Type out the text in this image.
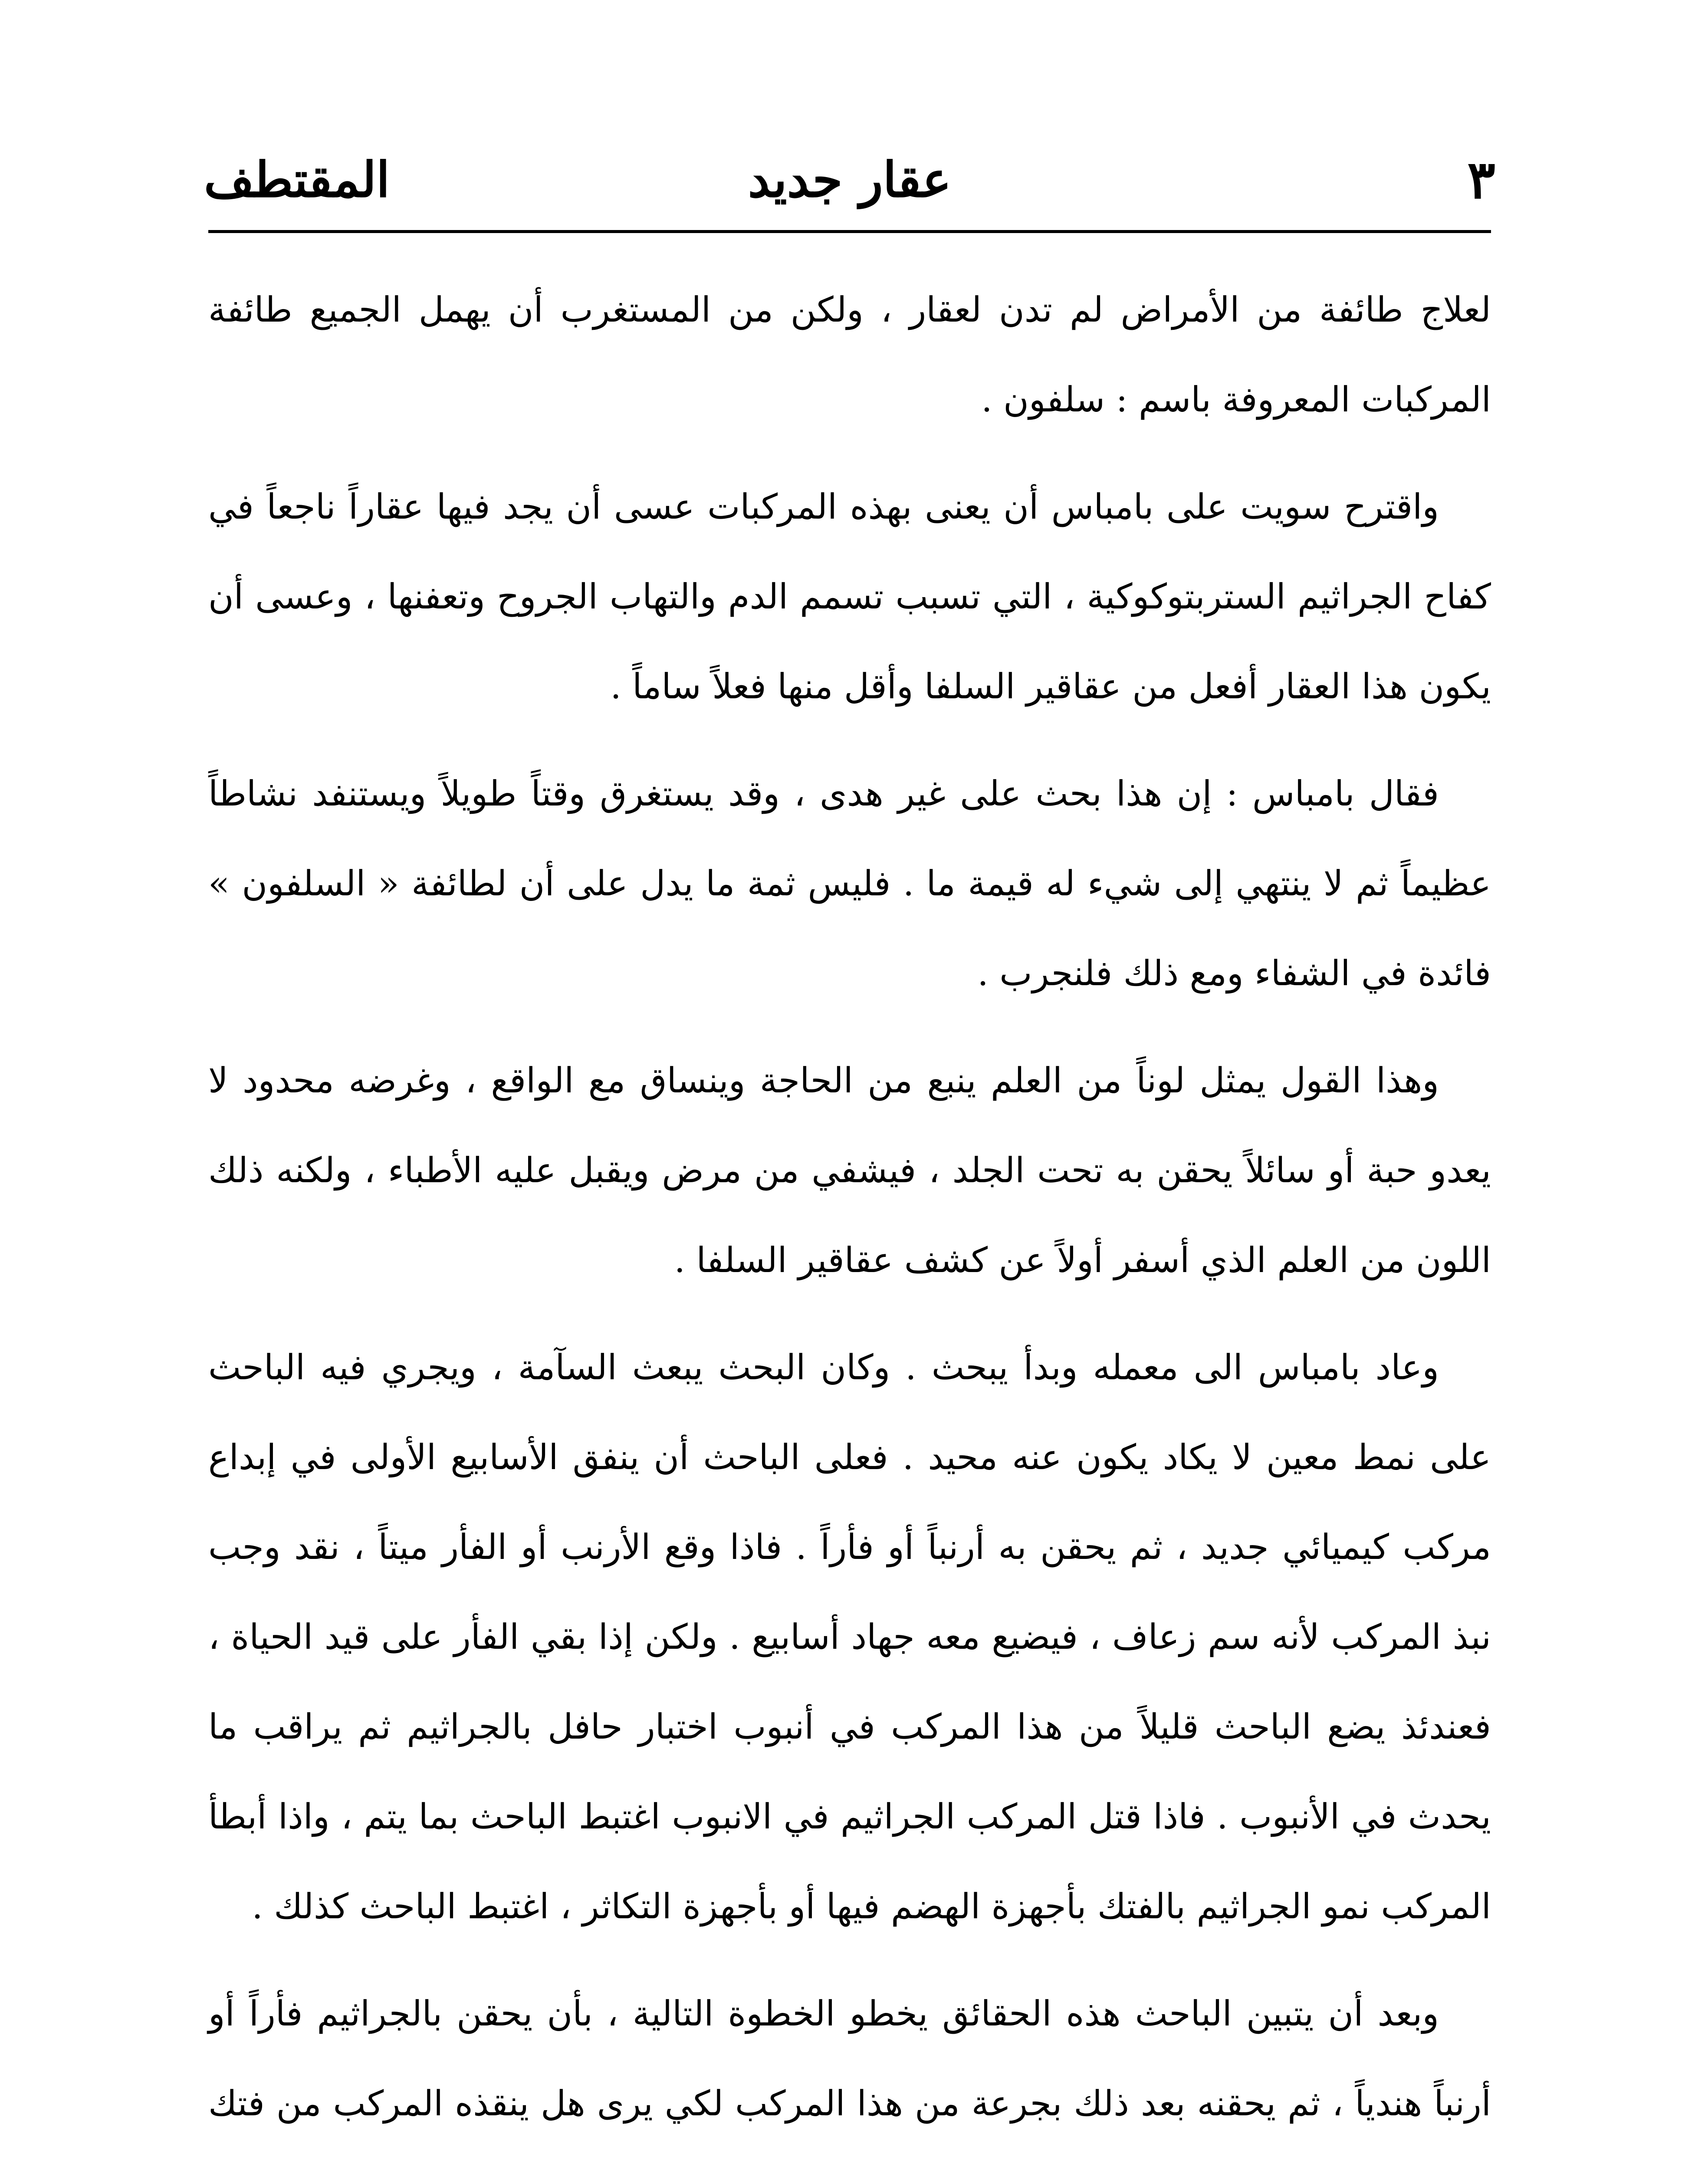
٣
عقار جديد
المقتطف

لعلاج طائفة من الأمراض لم تدن لعقار ، ولكن من المستغرب أن يهمل الجميع طائفة المركبات المعروفة باسم : سلفون .

واقترح سويت على بامباس أن يعنى بهذه المركبات عسى أن يجد فيها عقاراً ناجعاً في كفاح الجراثيم الستربتوكوكية ، التي تسبب تسمم الدم والتهاب الجروح وتعفنها ، وعسى أن يكون هذا العقار أفعل من عقاقير السلفا وأقل منها فعلاً ساماً .

فقال بامباس : إن هذا بحث على غير هدى ، وقد يستغرق وقتاً طويلاً ويستنفد نشاطاً عظيماً ثم لا ينتهي إلى شيء له قيمة ما . فليس ثمة ما يدل على أن لطائفة « السلفون » فائدة في الشفاء ومع ذلك فلنجرب .

وهذا القول يمثل لوناً من العلم ينبع من الحاجة وينساق مع الواقع ، وغرضه محدود لا يعدو حبة أو سائلاً يحقن به تحت الجلد ، فيشفي من مرض ويقبل عليه الأطباء ، ولكنه ذلك اللون من العلم الذي أسفر أولاً عن كشف عقاقير السلفا .

وعاد بامباس الى معمله وبدأ يبحث . وكان البحث يبعث السآمة ، ويجري فيه الباحث على نمط معين لا يكاد يكون عنه محيد . فعلى الباحث أن ينفق الأسابيع الأولى في إبداع مركب كيميائي جديد ، ثم يحقن به أرنباً أو فأراً . فاذا وقع الأرنب أو الفأر ميتاً ، نقد وجب نبذ المركب لأنه سم زعاف ، فيضيع معه جهاد أسابيع . ولكن إذا بقي الفأر على قيد الحياة ، فعندئذ يضع الباحث قليلاً من هذا المركب في أنبوب اختبار حافل بالجراثيم ثم يراقب ما يحدث في الأنبوب . فاذا قتل المركب الجراثيم في الانبوب اغتبط الباحث بما يتم ، واذا أبطأ المركب نمو الجراثيم بالفتك بأجهزة الهضم فيها أو بأجهزة التكاثر ، اغتبط الباحث كذلك .

وبعد أن يتبين الباحث هذه الحقائق يخطو الخطوة التالية ، بأن يحقن بالجراثيم فأراً أو أرنباً هندياً ، ثم يحقنه بعد ذلك بجرعة من هذا المركب لكي يرى هل ينقذه المركب من فتك
